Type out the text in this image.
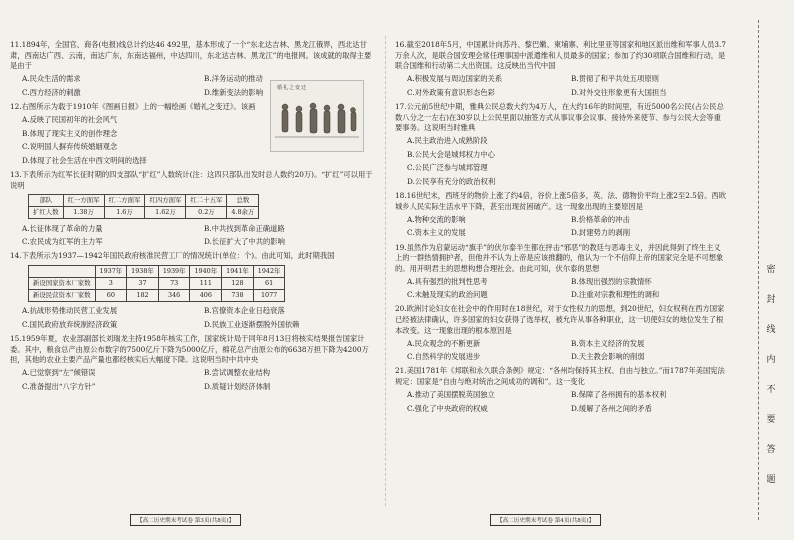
11.1894年，全国官、商各(电报)线总计约达46 492里，基本形成了一个“东北达吉林、黑龙江俄界，西北达甘肃，西南达广西、云南，南达广东，东南达福州，中达四川，东北达吉林、黑龙江”的电报网。该成就的取得主要是由于

A.民众生活的需求	B.洋务运动的推动
C.西方经济的刺激	D.维新变法的影响

12.右图所示为载于1910年《图画日报》上的一幅绘画《婚礼之变迁》。该画

A.反映了民国初年的社会风气
B.体现了现实主义的创作理念
C.说明国人摒弃传统婚姻观念
D.体现了社会生活在中西文明间的选择

13.下表所示为红军长征时期的四支部队“扩红”人数统计(注：这四只部队出发时总人数约20万)。“扩红”可以用于说明

部队	红一方面军	红二方面军	红四方面军	红二十五军	总数
扩红人数	1.38万	1.6万	1.62万	0.2万	4.8余万
A.长征体现了革命的力量	B.中共找到革命正确道路
C.农民成为红军的主力军	D.长征扩大了中共的影响

14.下表所示为1937—1942年国民政府核准民营工厂的情况统计(单位：个)。由此可知，此时期我国

	1937年	1938年	1939年	1940年	1941年	1942年
新设国家资本厂家数	3	37	73	111	128	61
新设民营资本厂家数	60	182	346	406	738	1077
A.抗战形势推动民营工业发展	B.官僚资本企业日趋衰落
C.国民政府放弃统制经济政策	D.民族工业逐渐摆脱外国依赖

15.1959年夏，农业部副部长刘瑞龙主持1958年核实工作，国家统计局于同年8月13日将核实结果报告国家计委。其中，粮食总产由原公布数字的7500亿斤下降为5000亿斤，棉花总产由原公布的6638万担下降为4200万担，其他的农业主要产品产量也都经核实后大幅度下降。这说明当时中共中央

A.已觉察到“左”倾错误	B.尝试调整农业结构
C.准备提出“八字方针”	D.质疑计划经济体制
婚礼之变迁

16.截至2018年5月，中国累计向苏丹、黎巴嫩、柬埔寨、利比里亚等国家和地区派出维和军事人员3.7万余人次，是联合国安理会常任理事国中派遣维和人员最多的国家；参加了约30项联合国维和行动，是联合国维和行动第二大出资国。这反映出当代中国

A.积极发展与周边国家的关系	B.贯彻了和平共处五项原则
C.对外政策有意识形态色彩	D.对外交往形象更有大国担当

17.公元前5世纪中期，雅典公民总数大约为4万人，在大约16年的时间里，有近5000名公民(占公民总数八分之一左右)在30岁以上公民里面以抽签方式从事议事会议事、接待外来使节、参与公民大会等重要事务。这说明当时雅典

A.民主政治进入成熟阶段
B.公民大会是城邦权力中心
C.公民广泛参与城邦管理
D.公民享有充分的政治权利

18.16世纪末，西班牙的物价上涨了约4倍，谷价上涨5倍多，英、法、德物价平均上涨2至2.5倍。西欧城乡人民实际生活水平下降，甚至出现贫困破产。这一现象出现的主要原因是

A.物种交流的影响	B.价格革命的冲击
C.资本主义的发展	D.封建势力的剥削

19.虽然作为启蒙运动“旗手”的伏尔泰半生都在抨击“邪恶”的教廷与恶毒主义，并因此得到了终生主义上的一群热情拥护者，但他并不认为上帝是应该推翻的，他认为一个不信仰上帝的国家完全是不可想象的。用开明君主的思想构想合理社会。由此可知，伏尔泰的思想

A.具有强烈的批判性思考	B.体现出强烈的宗教情怀
C.未触及现实的政治问题	D.注重对宗教和理性的调和

20.欧洲讨论妇女在社会中的作用时在18世纪，对于女性权力的思想，到20世纪，妇女权利在西方国家已经被法律确认，许多国家的妇女获得了选举权，被允许从事各种职业，这一切使妇女的地位发生了根本改变。这一现象出现的根本原因是

A.民众观念的不断更新	B.资本主义经济的发展
C.自然科学的发展进步	D.天主教会影响的削弱

21.美国1781年《邦联和永久联合条例》规定：“各州均保持其主权、自由与独立。”而1787年美国宪法规定：国家是“自由与绝对统治之间成功的调和”。这一变化

A.推动了美国摆脱英国独立	B.保障了各州拥有的基本权利
C.强化了中央政府的权威	D.缓解了各州之间的矛盾
【高二历史期末考试卷 第3页(共8页)】	【高二历史期末考试卷 第4页(共8页)】
密
封
线
内
不
要
答
题
